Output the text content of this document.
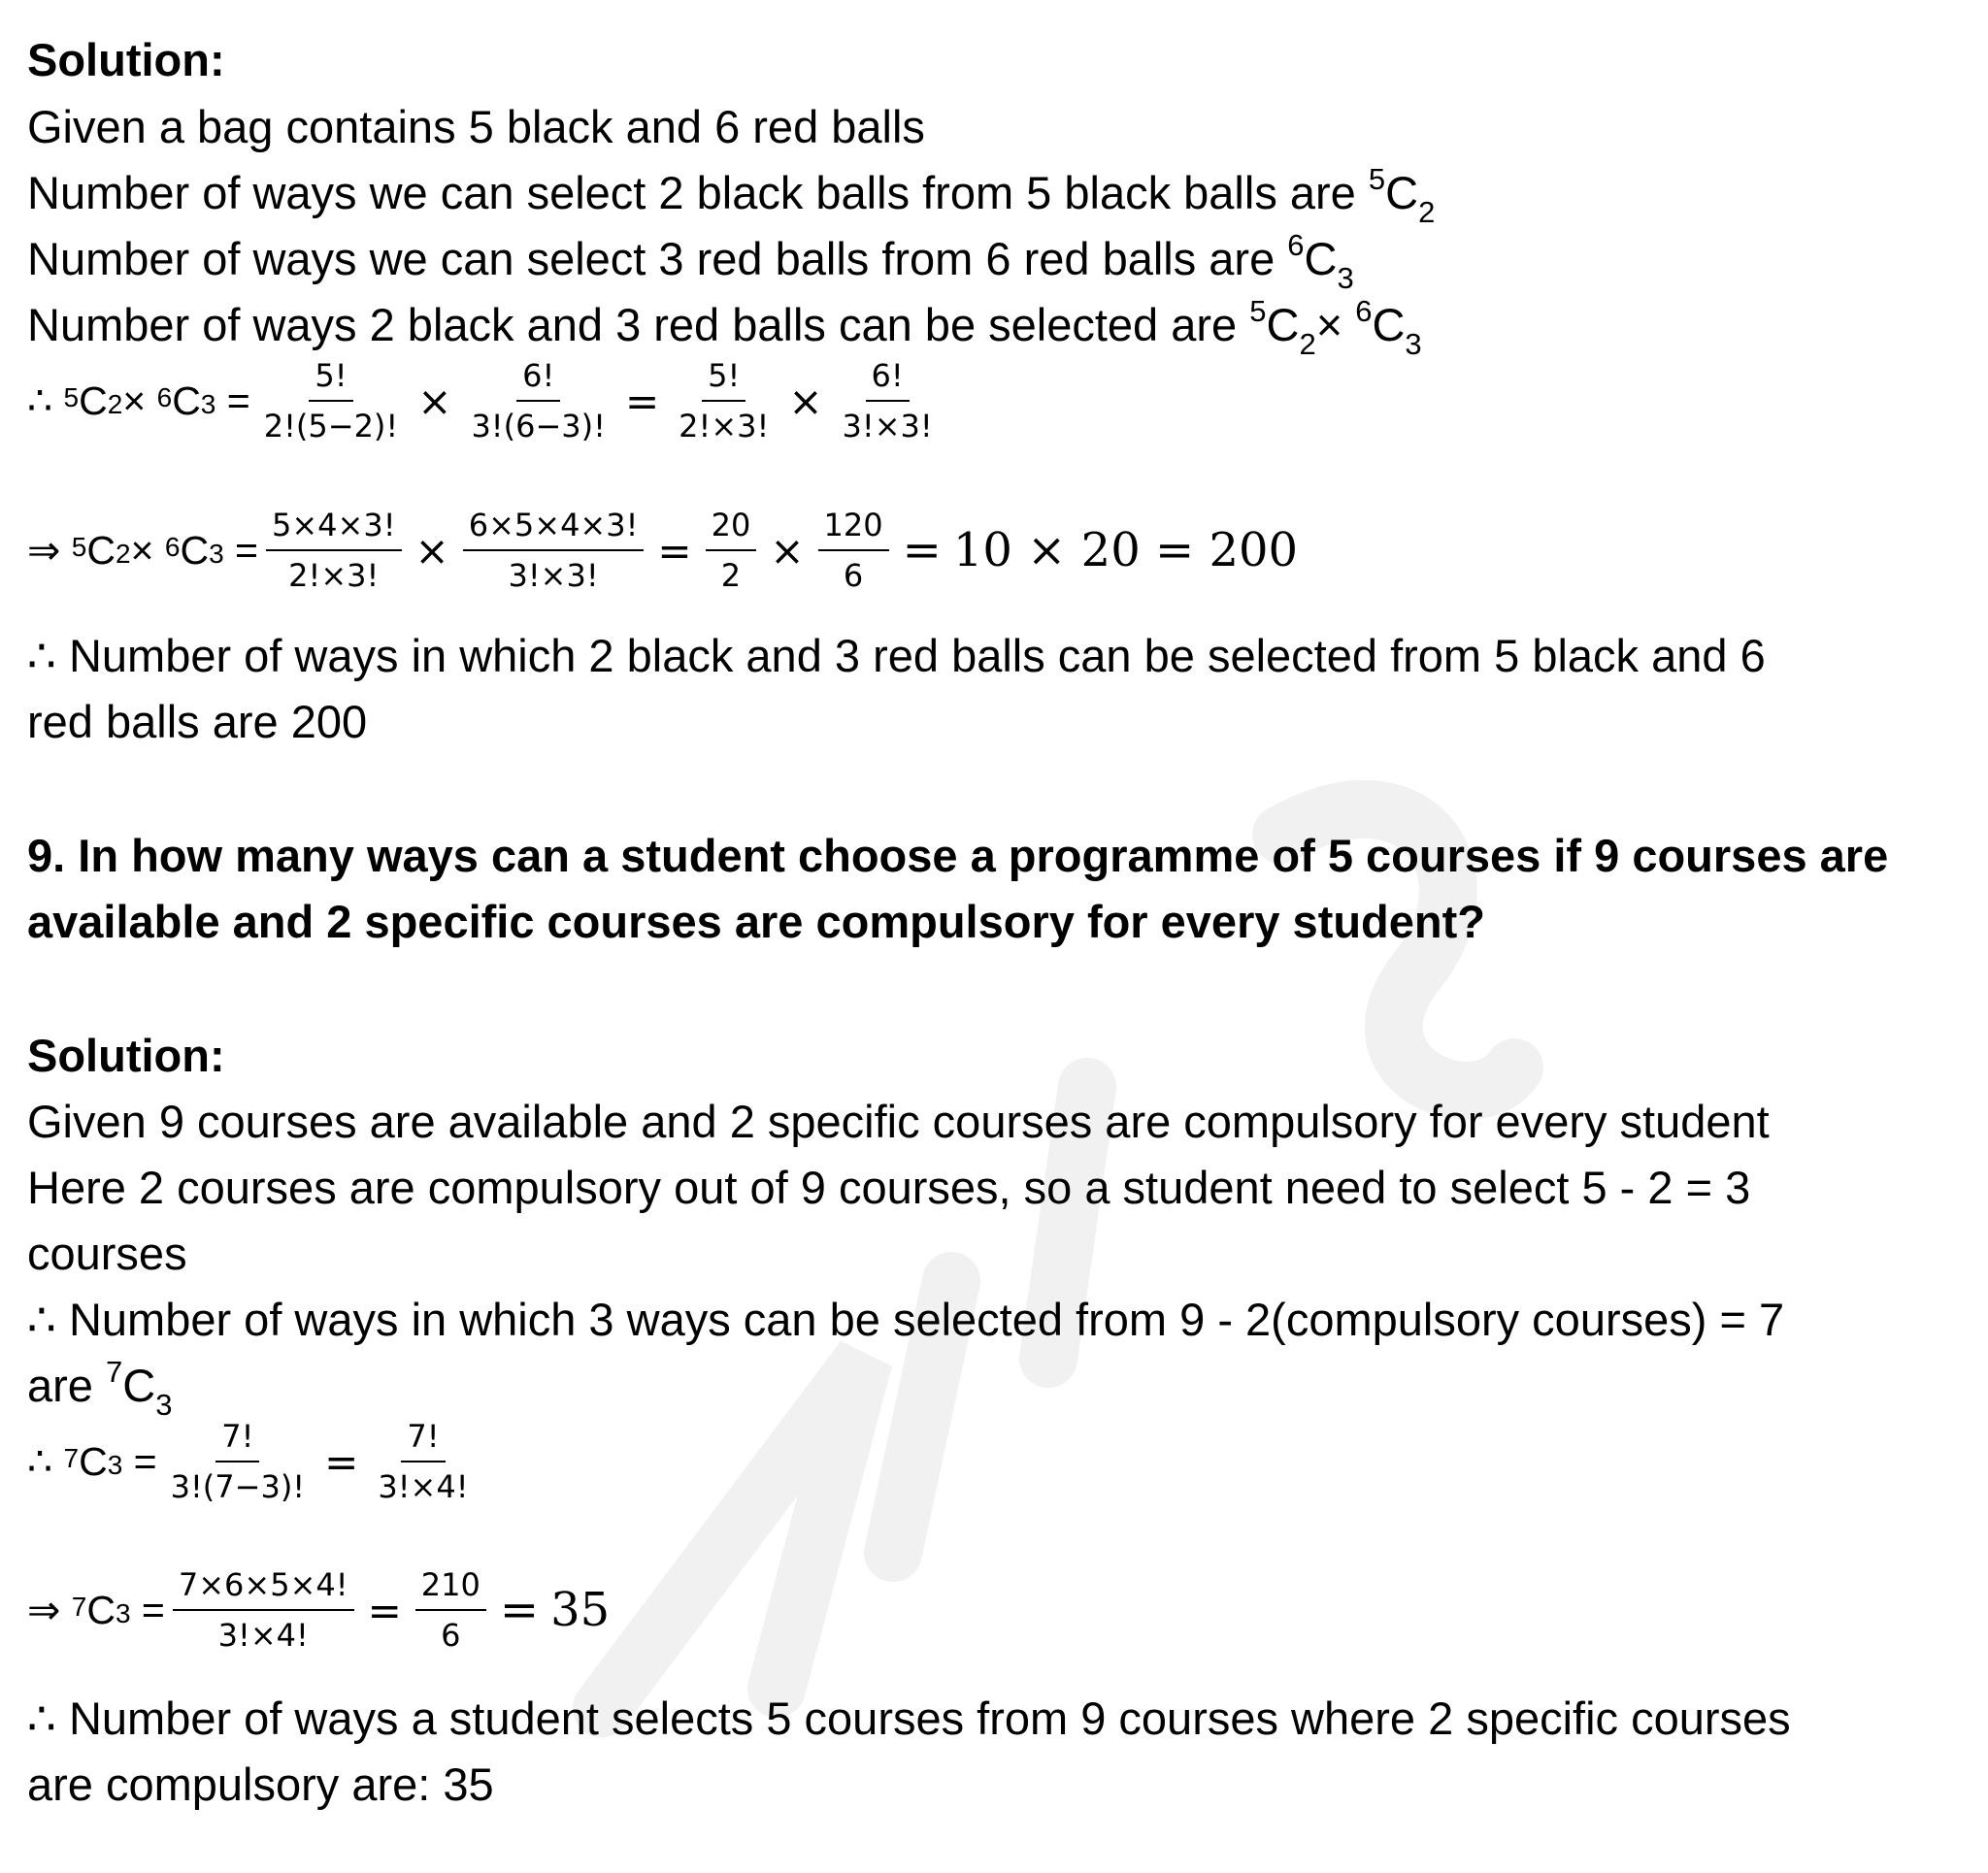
Solution:
Given a bag contains 5 black and 6 red balls
Number of ways we can select 2 black balls from 5 black balls are $^5C_2$
Number of ways we can select 3 red balls from 6 red balls are $^6C_3$
Number of ways 2 black and 3 red balls can be selected are $^5C_2\times ^6C_3$
∴
$^5$ $C_2 \times ^6$ $C_3 = \frac{5!}{2!(5-2)!} \times \frac{6!}{3!(6-3)!} = \frac{5!}{2!\times 3!} \times \frac{6!}{3!\times 3!}$
⇒
$^5$ $C_2 \times ^6$ $C_3 = \frac{5\times 4\times 3!}{2!\times 3!} \times \frac{6\times 5\times 4\times 3!}{3!\times 3!} = \frac{20}{2} \times \frac{120}{6} = 10 \times 20 = 200$
∴ Number of ways in which 2 black and 3 red balls can be selected from 5 black and 6
red balls are 200
9. In how many ways can a student choose a programme of 5 courses if 9 courses are
available and 2 specific courses are compulsory for every student?
Solution:
Given 9 courses are available and 2 specific courses are compulsory for every student
Here 2 courses are compulsory out of 9 courses, so a student need to select 5 - 2 = 3
courses
∴ Number of ways in which 3 ways can be selected from 9 - 2(compulsory courses) = 7
are $^7C_3$
∴
$^7$ $C_3 = \frac{7!}{3!(7-3)!} = \frac{7!}{3!\times 4!}$
⇒
$^7$ $C_3 = \frac{7\times 6\times 5\times 4!}{3!\times 4!} = \frac{210}{6} = 35$
∴ Number of ways a student selects 5 courses from 9 courses where 2 specific courses
are compulsory are: 35
